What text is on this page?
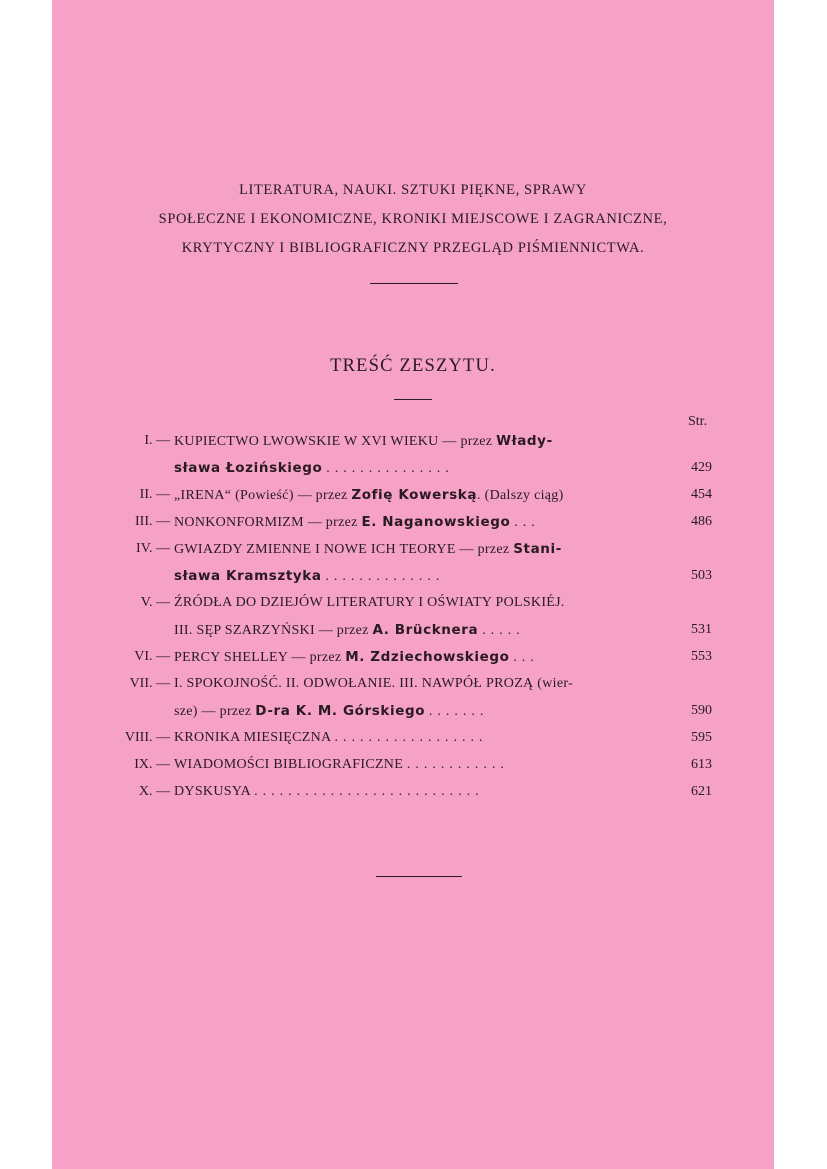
LITERATURA, NAUKI. SZTUKI PIĘKNE, SPRAWY
SPOŁECZNE I EKONOMICZNE, KRONIKI MIEJSCOWE I ZAGRANICZNE,
KRYTYCZNY I BIBLIOGRAFICZNY PRZEGLĄD PIŚMIENNICTWA.
TREŚĆ ZESZYTU.
Str.
I. — KUPIECTWO LWOWSKIE W XVI WIEKU — przez Włady-
sława Łozińskiego ...............	429
II. — „IRENA“ (Powieść) — przez Zofię Kowerską. (Dalszy ciąg)	454
III. — NONKONFORMIZM — przez E. Naganowskiego ...	486
IV. — GWIAZDY ZMIENNE I NOWE ICH TEORYE — przez Stani-
sława Kramsztyka ..............	503
V. — ŹRÓDŁA DO DZIEJÓW LITERATURY I OŚWIATY POLSKIÉJ.
III. SĘP SZARZYŃSKI — przez A. Brücknera .....	531
VI. — PERCY SHELLEY — przez M. Zdziechowskiego ...	553
VII. — I. SPOKOJNOŚĆ. II. ODWOŁANIE. III. NAWPÓŁ PROZĄ (wier-
sze) — przez D-ra K. M. Górskiego .......	590
VIII. — KRONIKA MIESIĘCZNA ..................	595
IX. — WIADOMOŚCI BIBLIOGRAFICZNE ............	613
X. — DYSKUSYA ...........................	621
